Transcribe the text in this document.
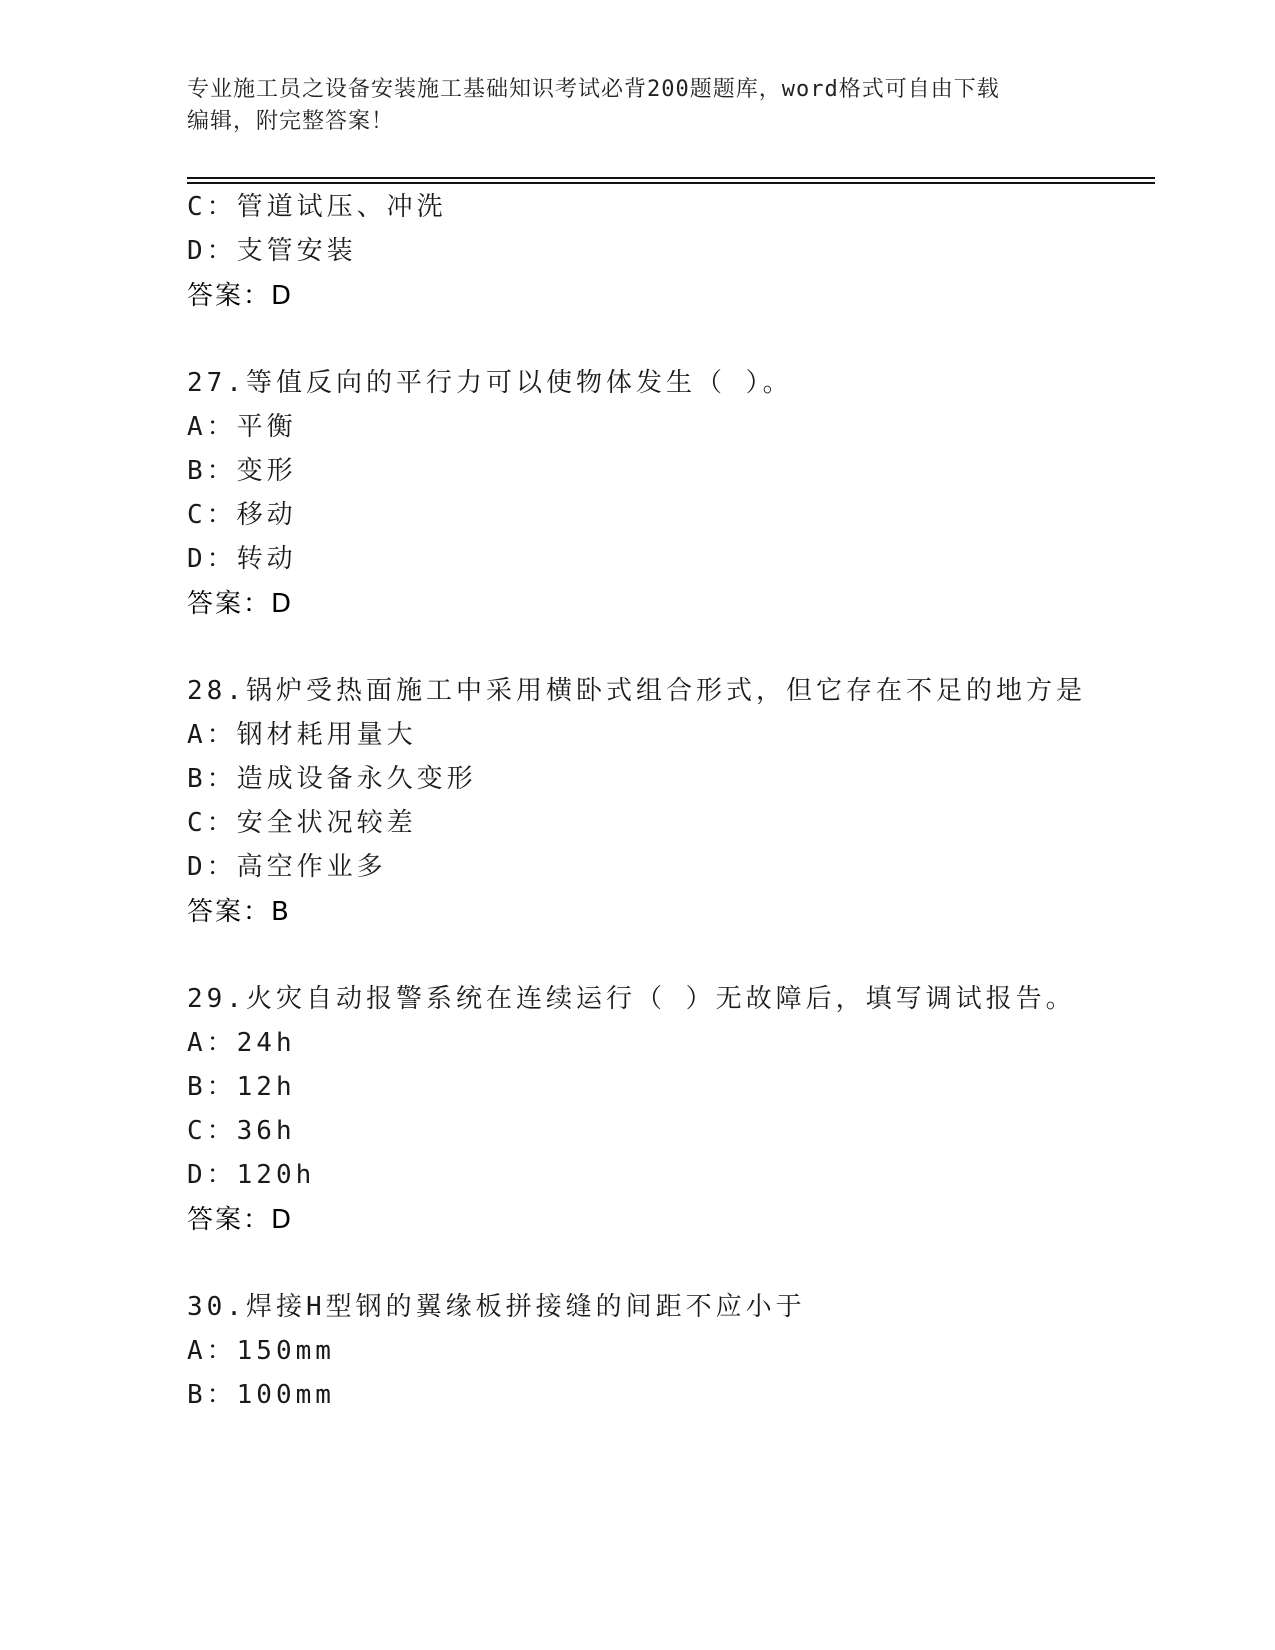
专业施工员之设备安装施工基础知识考试必背200题题库，word格式可自由下载
编辑，附完整答案！
C：管道试压、冲洗
D：支管安装
答案：D
27.等值反向的平行力可以使物体发生（ ）。
A：平衡
B：变形
C：移动
D：转动
答案：D
28.锅炉受热面施工中采用横卧式组合形式，但它存在不足的地方是
A：钢材耗用量大
B：造成设备永久变形
C：安全状况较差
D：高空作业多
答案：B
29.火灾自动报警系统在连续运行（ ）无故障后，填写调试报告。
A：24h
B：12h
C：36h
D：120h
答案：D
30.焊接H型钢的翼缘板拼接缝的间距不应小于
A：150mm
B：100mm
